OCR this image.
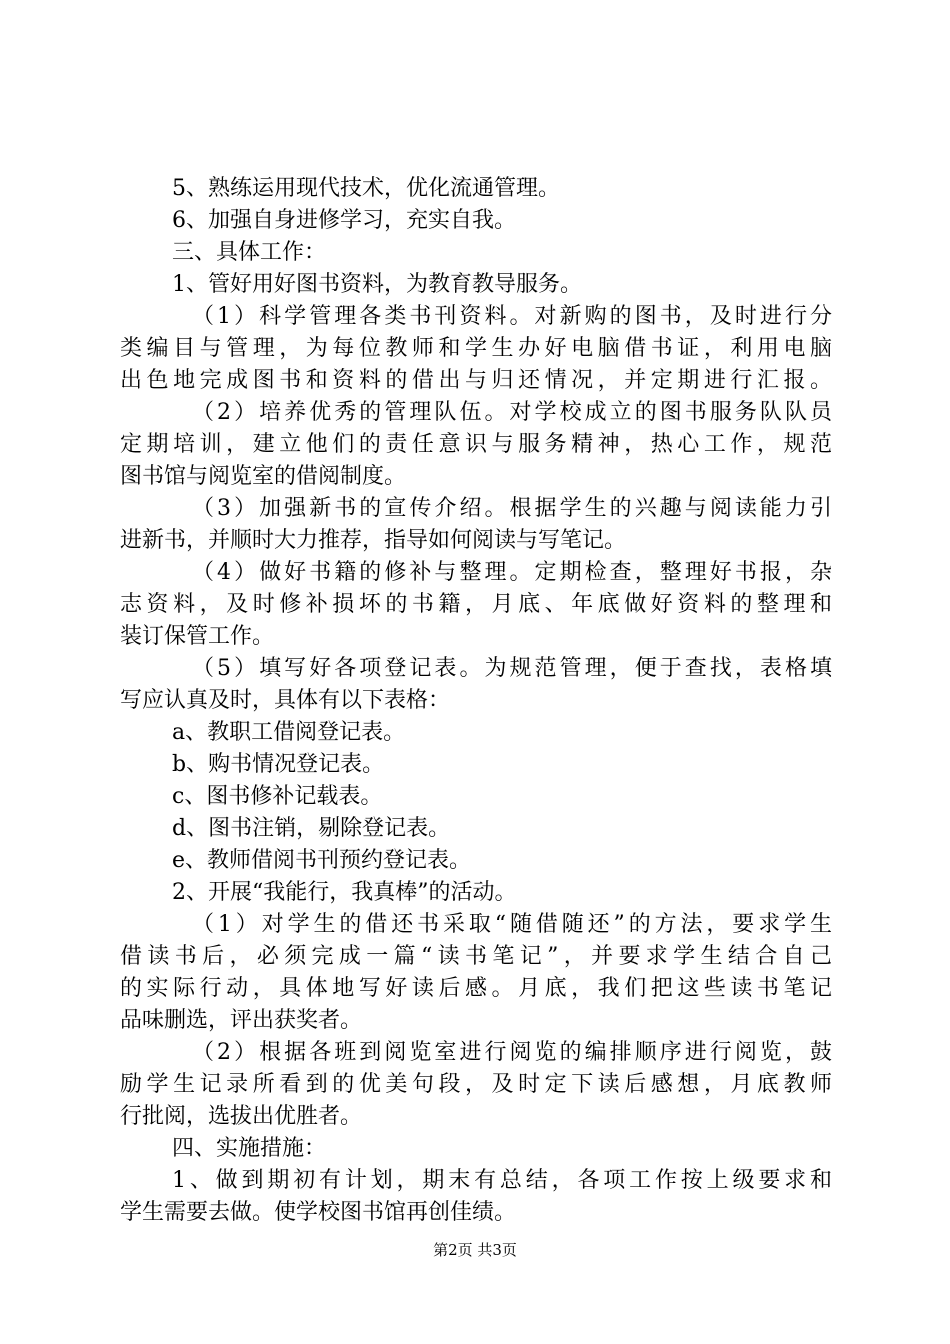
5、熟练运用现代技术，优化流通管理。
6、加强自身进修学习，充实自我。
三、具体工作：
1、管好用好图书资料，为教育教导服务。
（1）科学管理各类书刊资料。对新购的图书，及时进行分
类编目与管理，为每位教师和学生办好电脑借书证，利用电脑
出色地完成图书和资料的借出与归还情况，并定期进行汇报。
（2）培养优秀的管理队伍。对学校成立的图书服务队队员
定期培训，建立他们的责任意识与服务精神，热心工作，规范
图书馆与阅览室的借阅制度。
（3）加强新书的宣传介绍。根据学生的兴趣与阅读能力引
进新书，并顺时大力推荐，指导如何阅读与写笔记。
（4）做好书籍的修补与整理。定期检查，整理好书报，杂
志资料，及时修补损坏的书籍，月底、年底做好资料的整理和
装订保管工作。
（5）填写好各项登记表。为规范管理，便于查找，表格填
写应认真及时，具体有以下表格：
a、教职工借阅登记表。
b、购书情况登记表。
c、图书修补记载表。
d、图书注销，剔除登记表。
e、教师借阅书刊预约登记表。
2、开展“我能行，我真棒”的活动。
（1）对学生的借还书采取“随借随还”的方法，要求学生
借读书后，必须完成一篇“读书笔记”，并要求学生结合自己
的实际行动，具体地写好读后感。月底，我们把这些读书笔记
品味删选，评出获奖者。
（2）根据各班到阅览室进行阅览的编排顺序进行阅览，鼓
励学生记录所看到的优美句段，及时定下读后感想，月底教师
行批阅，选拔出优胜者。
四、实施措施：
1、做到期初有计划，期末有总结，各项工作按上级要求和
学生需要去做。使学校图书馆再创佳绩。
第2页 共3页
